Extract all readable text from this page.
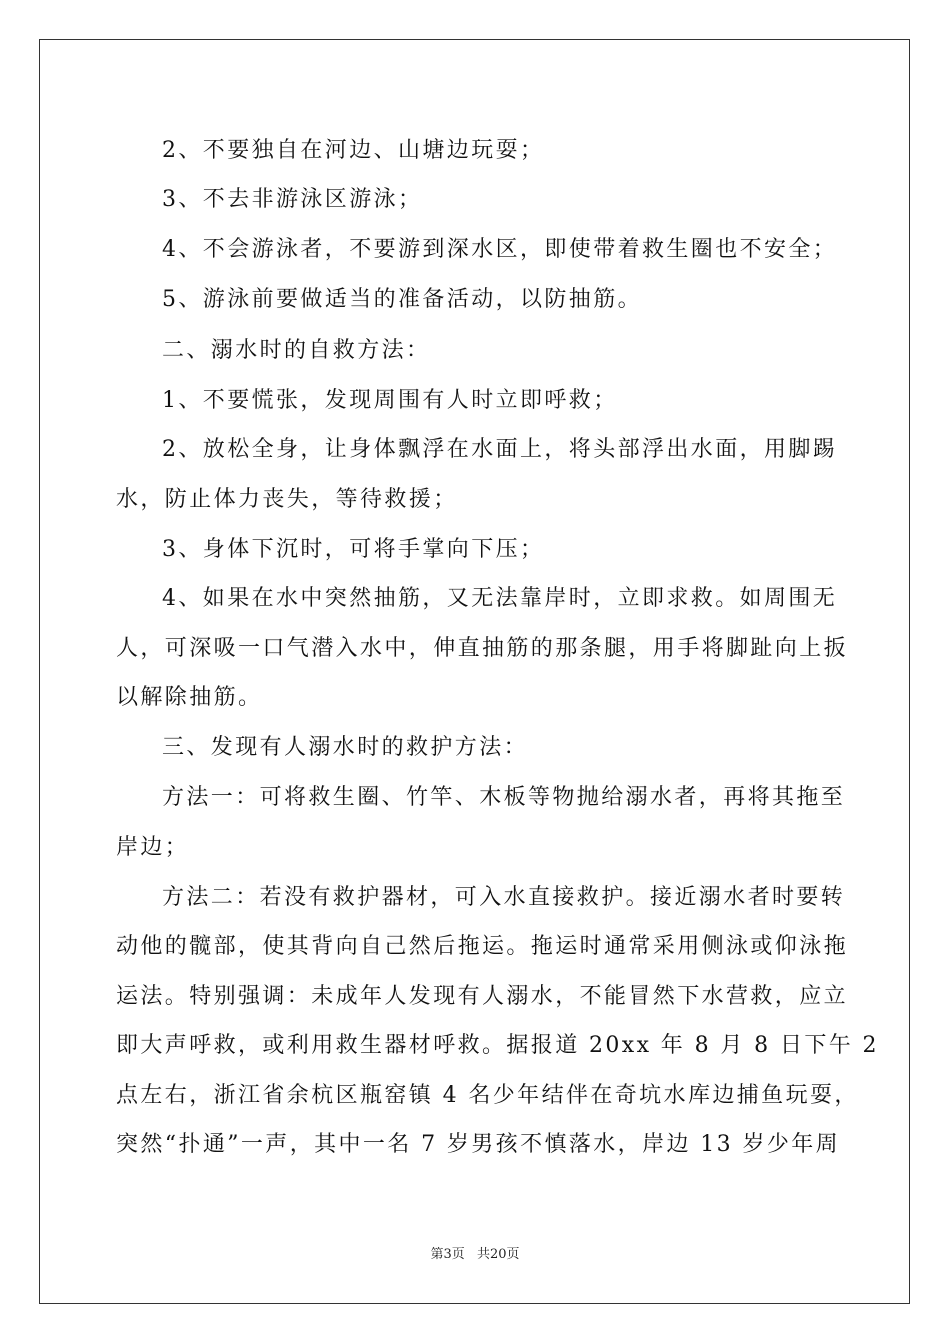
2、不要独自在河边、山塘边玩耍；
3、不去非游泳区游泳；
4、不会游泳者，不要游到深水区，即使带着救生圈也不安全；
5、游泳前要做适当的准备活动，以防抽筋。
二、溺水时的自救方法：
1、不要慌张，发现周围有人时立即呼救；
2、放松全身，让身体飘浮在水面上，将头部浮出水面，用脚踢
水，防止体力丧失，等待救援；
3、身体下沉时，可将手掌向下压；
4、如果在水中突然抽筋，又无法靠岸时，立即求救。如周围无
人，可深吸一口气潜入水中，伸直抽筋的那条腿，用手将脚趾向上扳
以解除抽筋。
三、发现有人溺水时的救护方法：
方法一：可将救生圈、竹竿、木板等物抛给溺水者，再将其拖至
岸边；
方法二：若没有救护器材，可入水直接救护。接近溺水者时要转
动他的髋部，使其背向自己然后拖运。拖运时通常采用侧泳或仰泳拖
运法。特别强调：未成年人发现有人溺水，不能冒然下水营救，应立
即大声呼救，或利用救生器材呼救。据报道 20xx 年 8 月 8 日下午 2
点左右，浙江省余杭区瓶窑镇 4 名少年结伴在奇坑水库边捕鱼玩耍，
突然“扑通”一声，其中一名 7 岁男孩不慎落水，岸边 13 岁少年周
第3页 共20页
